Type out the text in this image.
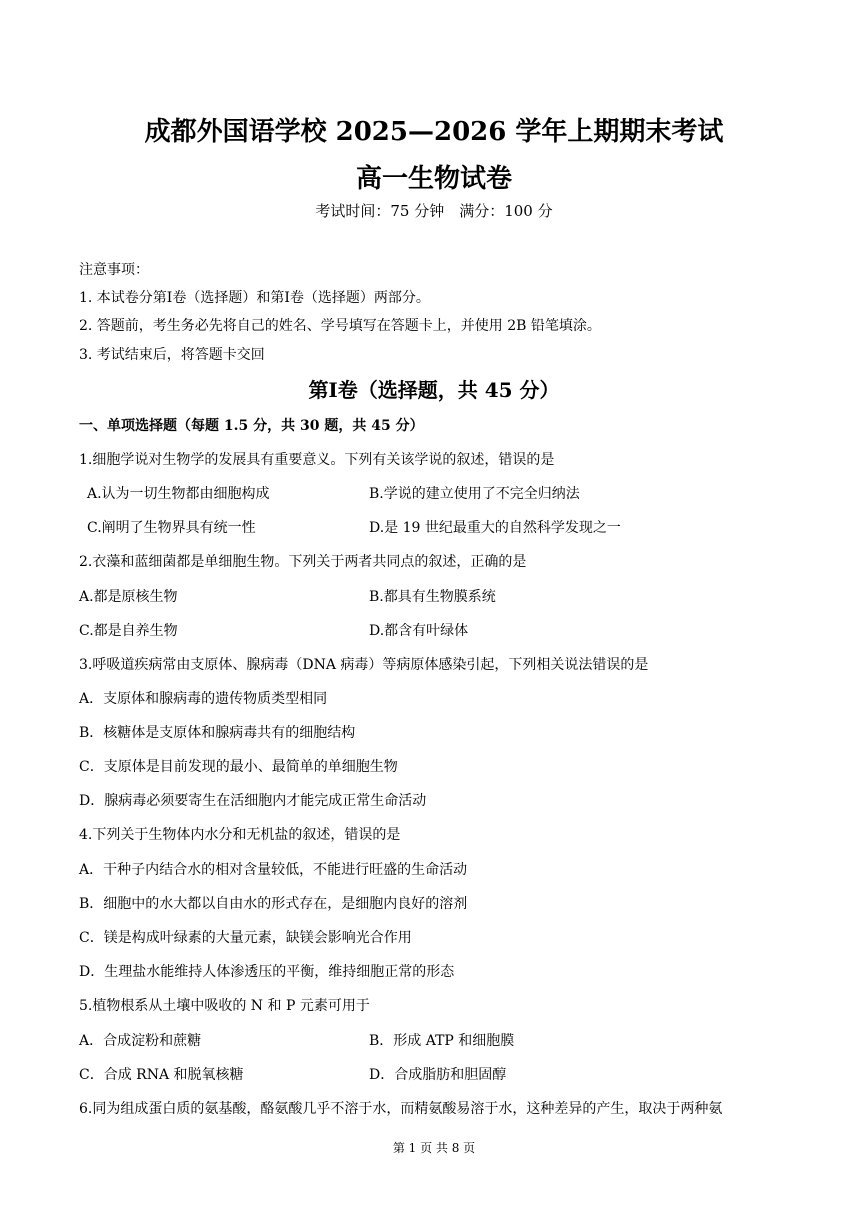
成都外国语学校 2025—2026 学年上期期末考试
高一生物试卷
考试时间：75 分钟　满分：100 分
注意事项：
1. 本试卷分第Ⅰ卷（选择题）和第Ⅰ卷（选择题）两部分。
2. 答题前，考生务必先将自己的姓名、学号填写在答题卡上，并使用 2B 铅笔填涂。
3. 考试结束后，将答题卡交回
第Ⅰ卷（选择题，共 45 分）
一、单项选择题（每题 1.5 分，共 30 题，共 45 分）
1.细胞学说对生物学的发展具有重要意义。下列有关该学说的叙述，错误的是
A.认为一切生物都由细胞构成	B.学说的建立使用了不完全归纳法
C.阐明了生物界具有统一性	D.是 19 世纪最重大的自然科学发现之一
2.衣藻和蓝细菌都是单细胞生物。下列关于两者共同点的叙述，正确的是
A.都是原核生物	B.都具有生物膜系统
C.都是自养生物	D.都含有叶绿体
3.呼吸道疾病常由支原体、腺病毒（DNA 病毒）等病原体感染引起，下列相关说法错误的是
A．支原体和腺病毒的遗传物质类型相同
B．核糖体是支原体和腺病毒共有的细胞结构
C．支原体是目前发现的最小、最简单的单细胞生物
D．腺病毒必须要寄生在活细胞内才能完成正常生命活动
4.下列关于生物体内水分和无机盐的叙述，错误的是
A．干种子内结合水的相对含量较低，不能进行旺盛的生命活动
B．细胞中的水大都以自由水的形式存在，是细胞内良好的溶剂
C．镁是构成叶绿素的大量元素，缺镁会影响光合作用
D．生理盐水能维持人体渗透压的平衡，维持细胞正常的形态
5.植物根系从土壤中吸收的 N 和 P 元素可用于
A．合成淀粉和蔗糖	B．形成 ATP 和细胞膜
C．合成 RNA 和脱氧核糖	D．合成脂肪和胆固醇
6.同为组成蛋白质的氨基酸，酪氨酸几乎不溶于水，而精氨酸易溶于水，这种差异的产生，取决于两种氨
第 1 页 共 8 页
